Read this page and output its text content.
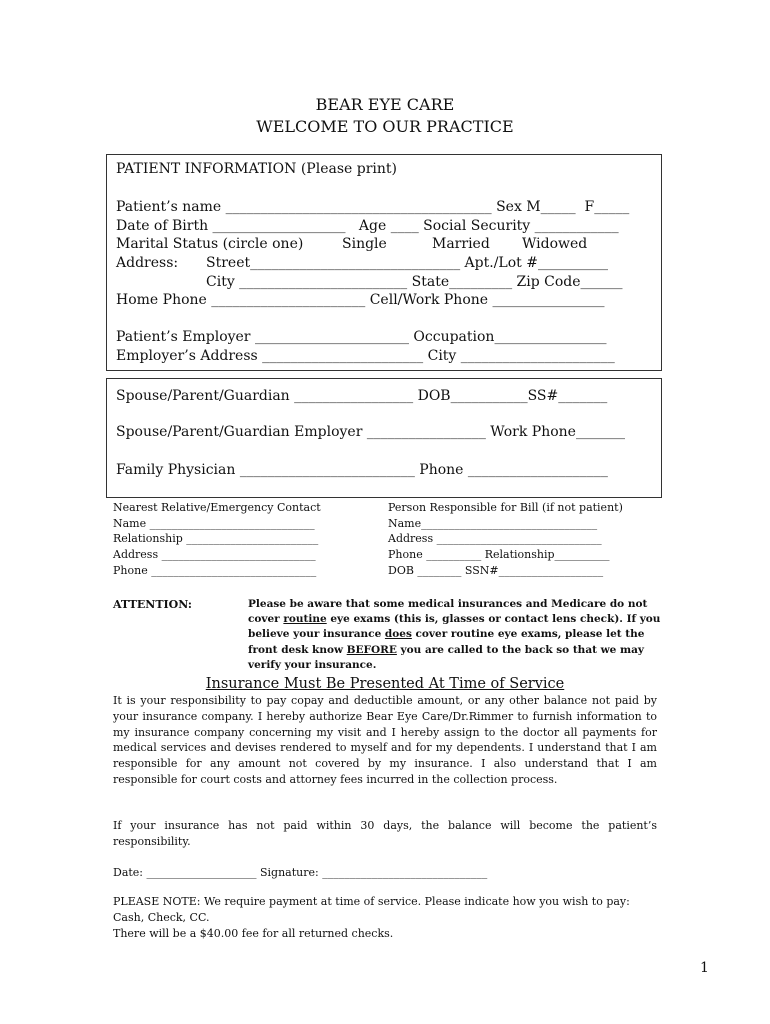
BEAR EYE CARE
WELCOME TO OUR PRACTICE
PATIENT INFORMATION (Please print)
Patient’s name ______________________________________ Sex M_____  F_____
Date of Birth ___________________   Age ____ Social Security ____________
Marital Status (circle one)	Single	Married Widowed
Address: Street______________________________ Apt./Lot #__________
City ________________________ State_________ Zip Code______
Home Phone ______________________ Cell/Work Phone ________________
Patient’s Employer ______________________ Occupation________________
Employer’s Address _______________________ City ______________________
Spouse/Parent/Guardian _________________ DOB___________SS#_______
Spouse/Parent/Guardian Employer _________________ Work Phone_______
Family Physician _________________________ Phone ____________________
Nearest Relative/Emergency Contact
Name ______________________________
Relationship ________________________
Address ____________________________
Phone ______________________________
Person Responsible for Bill (if not patient)
Name________________________________
Address ______________________________
Phone __________ Relationship__________
DOB ________ SSN#___________________
ATTENTION:	Please be aware that some medical insurances and Medicare do not
cover routine eye exams (this is, glasses or contact lens check). If you
believe your insurance does cover routine eye exams, please let the
front desk know BEFORE you are called to the back so that we may
verify your insurance.
Insurance Must Be Presented At Time of Service
It is your responsibility to pay copay and deductible amount, or any other balance not paid by your insurance company. I hereby authorize Bear Eye Care/Dr.Rimmer to furnish information to my insurance company concerning my visit and I hereby assign to the doctor all payments for medical services and devises rendered to myself and for my dependents. I understand that I am responsible for any amount not covered by my insurance. I also understand that I am responsible for court costs and attorney fees incurred in the collection process.
If your insurance has not paid within 30 days, the balance will become the patient’s responsibility.
Date: ____________________ Signature: ______________________________
PLEASE NOTE: We require payment at time of service. Please indicate how you wish to pay:
Cash, Check, CC.
There will be a $40.00 fee for all returned checks.
1
